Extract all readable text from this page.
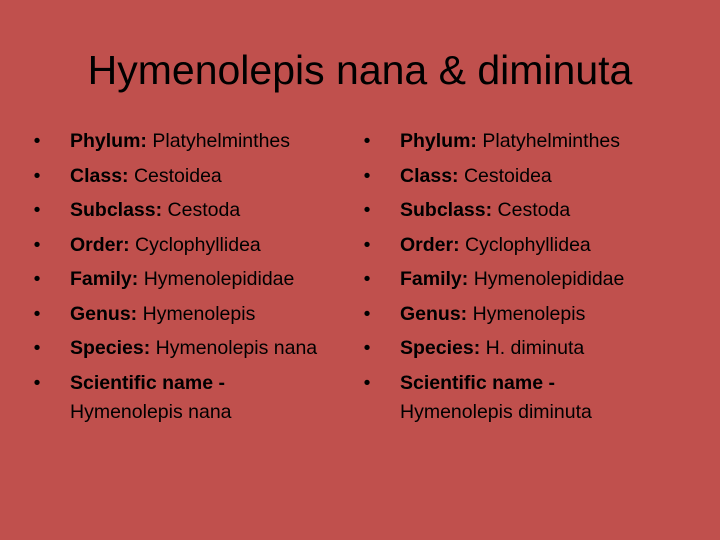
Hymenolepis nana & diminuta
• Phylum: Platyhelminthes
• Class: Cestoidea
• Subclass: Cestoda
• Order: Cyclophyllidea
• Family: Hymenolepididae
• Genus: Hymenolepis
• Species: Hymenolepis nana
• Scientific name -
Hymenolepis nana
• Phylum: Platyhelminthes
• Class: Cestoidea
• Subclass: Cestoda
• Order: Cyclophyllidea
• Family: Hymenolepididae
• Genus: Hymenolepis
• Species: H. diminuta
• Scientific name -
Hymenolepis diminuta
